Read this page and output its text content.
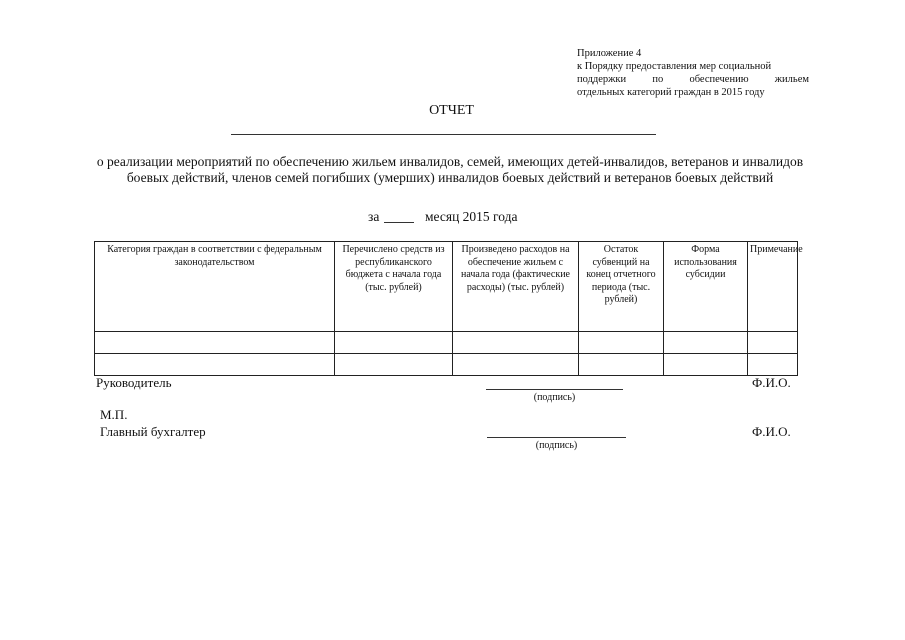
Приложение 4
к Порядку предоставления мер социальной
поддержки по обеспечению жильем
отдельных категорий граждан в 2015 году
ОТЧЕТ
о реализации мероприятий по обеспечению жильем инвалидов, семей, имеющих детей-инвалидов, ветеранов и инвалидов боевых действий, членов семей погибших (умерших) инвалидов боевых действий и ветеранов боевых действий
за	месяц 2015 года
Категория граждан в соответствии с федеральным законодательством	Перечислено средств из республиканского бюджета с начала года (тыс. рублей)	Произведено расходов на обеспечение жильем с начала года (фактические расходы) (тыс. рублей)	Остаток субвенций на конец отчетного периода (тыс. рублей)	Форма использования субсидии	Примечание

Руководитель
(подпись)
Ф.И.О.
М.П.
Главный бухгалтер
(подпись)
Ф.И.О.
